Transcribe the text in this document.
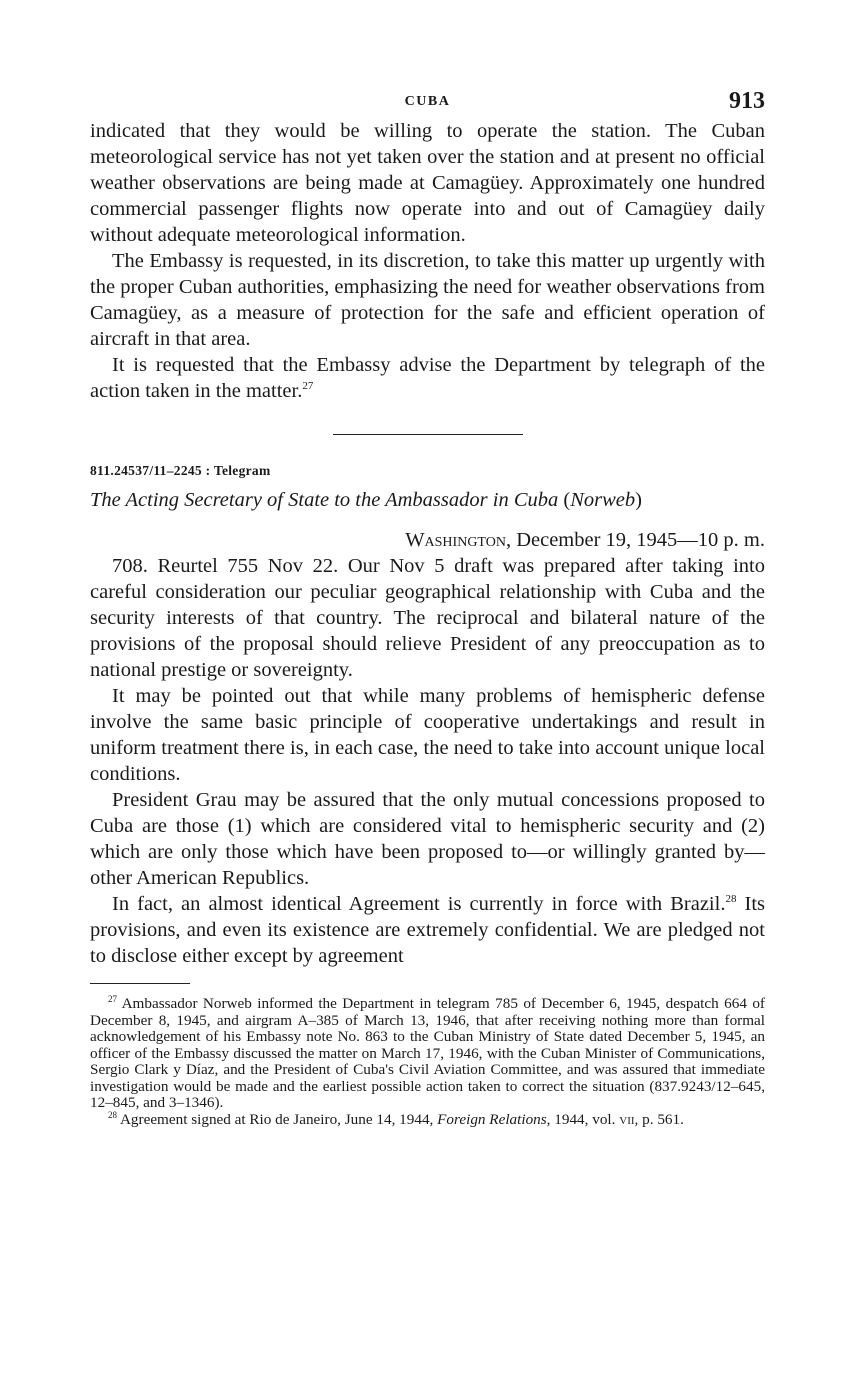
CUBA	913

indicated that they would be willing to operate the station. The Cuban meteorological service has not yet taken over the station and at present no official weather observations are being made at Camagüey. Approximately one hundred commercial passenger flights now operate into and out of Camagüey daily without adequate meteorological information.

The Embassy is requested, in its discretion, to take this matter up urgently with the proper Cuban authorities, emphasizing the need for weather observations from Camagüey, as a measure of protection for the safe and efficient operation of aircraft in that area.

It is requested that the Embassy advise the Department by telegraph of the action taken in the matter.$^{27}$

811.24537/11–2245 : Telegram
The Acting Secretary of State to the Ambassador in Cuba (Norweb)
Washington, December 19, 1945—10 p. m.

708. Reurtel 755 Nov 22. Our Nov 5 draft was prepared after taking into careful consideration our peculiar geographical relationship with Cuba and the security interests of that country. The reciprocal and bilateral nature of the provisions of the proposal should relieve President of any preoccupation as to national prestige or sovereignty.

It may be pointed out that while many problems of hemispheric defense involve the same basic principle of cooperative undertakings and result in uniform treatment there is, in each case, the need to take into account unique local conditions.

President Grau may be assured that the only mutual concessions proposed to Cuba are those (1) which are considered vital to hemispheric security and (2) which are only those which have been proposed to—or willingly granted by—other American Republics.

In fact, an almost identical Agreement is currently in force with Brazil.$^{28}$ Its provisions, and even its existence are extremely confidential. We are pledged not to disclose either except by agreement

$^{27}$ Ambassador Norweb informed the Department in telegram 785 of December 6, 1945, despatch 664 of December 8, 1945, and airgram A–385 of March 13, 1946, that after receiving nothing more than formal acknowledgement of his Embassy note No. 863 to the Cuban Ministry of State dated December 5, 1945, an officer of the Embassy discussed the matter on March 17, 1946, with the Cuban Minister of Communications, Sergio Clark y Díaz, and the President of Cuba's Civil Aviation Committee, and was assured that immediate investigation would be made and the earliest possible action taken to correct the situation (837.9243/12–645, 12–845, and 3–1346).

$^{28}$ Agreement signed at Rio de Janeiro, June 14, 1944, Foreign Relations, 1944, vol. vii, p. 561.
